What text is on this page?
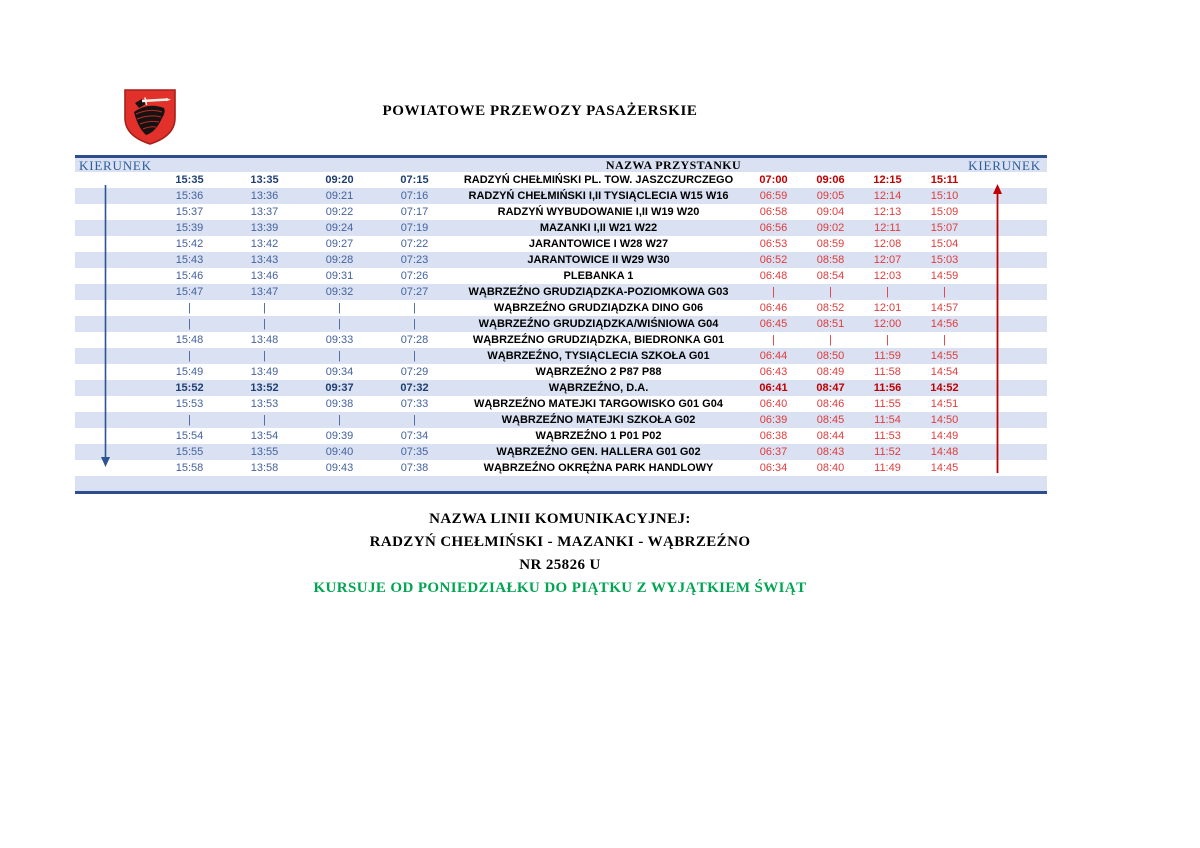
POWIATOWE PRZEWOZY PASAŻERSKIE
KIERUNEK	NAZWA PRZYSTANKU	KIERUNEK
15:35	13:35	09:20	07:15	RADZYŃ CHEŁMIŃSKI PL. TOW. JASZCZURCZEGO	07:00	09:06	12:15	15:11
15:36	13:36	09:21	07:16	RADZYŃ CHEŁMIŃSKI I,II TYSIĄCLECIA W15 W16	06:59	09:05	12:14	15:10
15:37	13:37	09:22	07:17	RADZYŃ WYBUDOWANIE I,II W19 W20	06:58	09:04	12:13	15:09
15:39	13:39	09:24	07:19	MAZANKI I,II W21 W22	06:56	09:02	12:11	15:07
15:42	13:42	09:27	07:22	JARANTOWICE I W28 W27	06:53	08:59	12:08	15:04
15:43	13:43	09:28	07:23	JARANTOWICE II W29 W30	06:52	08:58	12:07	15:03
15:46	13:46	09:31	07:26	PLEBANKA 1	06:48	08:54	12:03	14:59
15:47	13:47	09:32	07:27	WĄBRZEŹNO GRUDZIĄDZKA-POZIOMKOWA G03	|	|	|	|
|	|	|	|	WĄBRZEŹNO GRUDZIĄDZKA DINO G06	06:46	08:52	12:01	14:57
|	|	|	|	WĄBRZEŹNO GRUDZIĄDZKA/WIŚNIOWA G04	06:45	08:51	12:00	14:56
15:48	13:48	09:33	07:28	WĄBRZEŹNO GRUDZIĄDZKA, BIEDRONKA G01	|	|	|	|
|	|	|	|	WĄBRZEŹNO, TYSIĄCLECIA SZKOŁA G01	06:44	08:50	11:59	14:55
15:49	13:49	09:34	07:29	WĄBRZEŹNO 2 P87 P88	06:43	08:49	11:58	14:54
15:52	13:52	09:37	07:32	WĄBRZEŹNO, D.A.	06:41	08:47	11:56	14:52
15:53	13:53	09:38	07:33	WĄBRZEŹNO MATEJKI TARGOWISKO G01 G04	06:40	08:46	11:55	14:51
|	|	|	|	WĄBRZEŹNO MATEJKI SZKOŁA G02	06:39	08:45	11:54	14:50
15:54	13:54	09:39	07:34	WĄBRZEŹNO 1 P01 P02	06:38	08:44	11:53	14:49
15:55	13:55	09:40	07:35	WĄBRZEŹNO GEN. HALLERA G01 G02	06:37	08:43	11:52	14:48
15:58	13:58	09:43	07:38	WĄBRZEŹNO OKRĘŻNA PARK HANDLOWY	06:34	08:40	11:49	14:45
NAZWA LINII KOMUNIKACYJNEJ:
RADZYŃ CHEŁMIŃSKI - MAZANKI - WĄBRZEŹNO
NR 25826 U
KURSUJE OD PONIEDZIAŁKU DO PIĄTKU Z WYJĄTKIEM ŚWIĄT
